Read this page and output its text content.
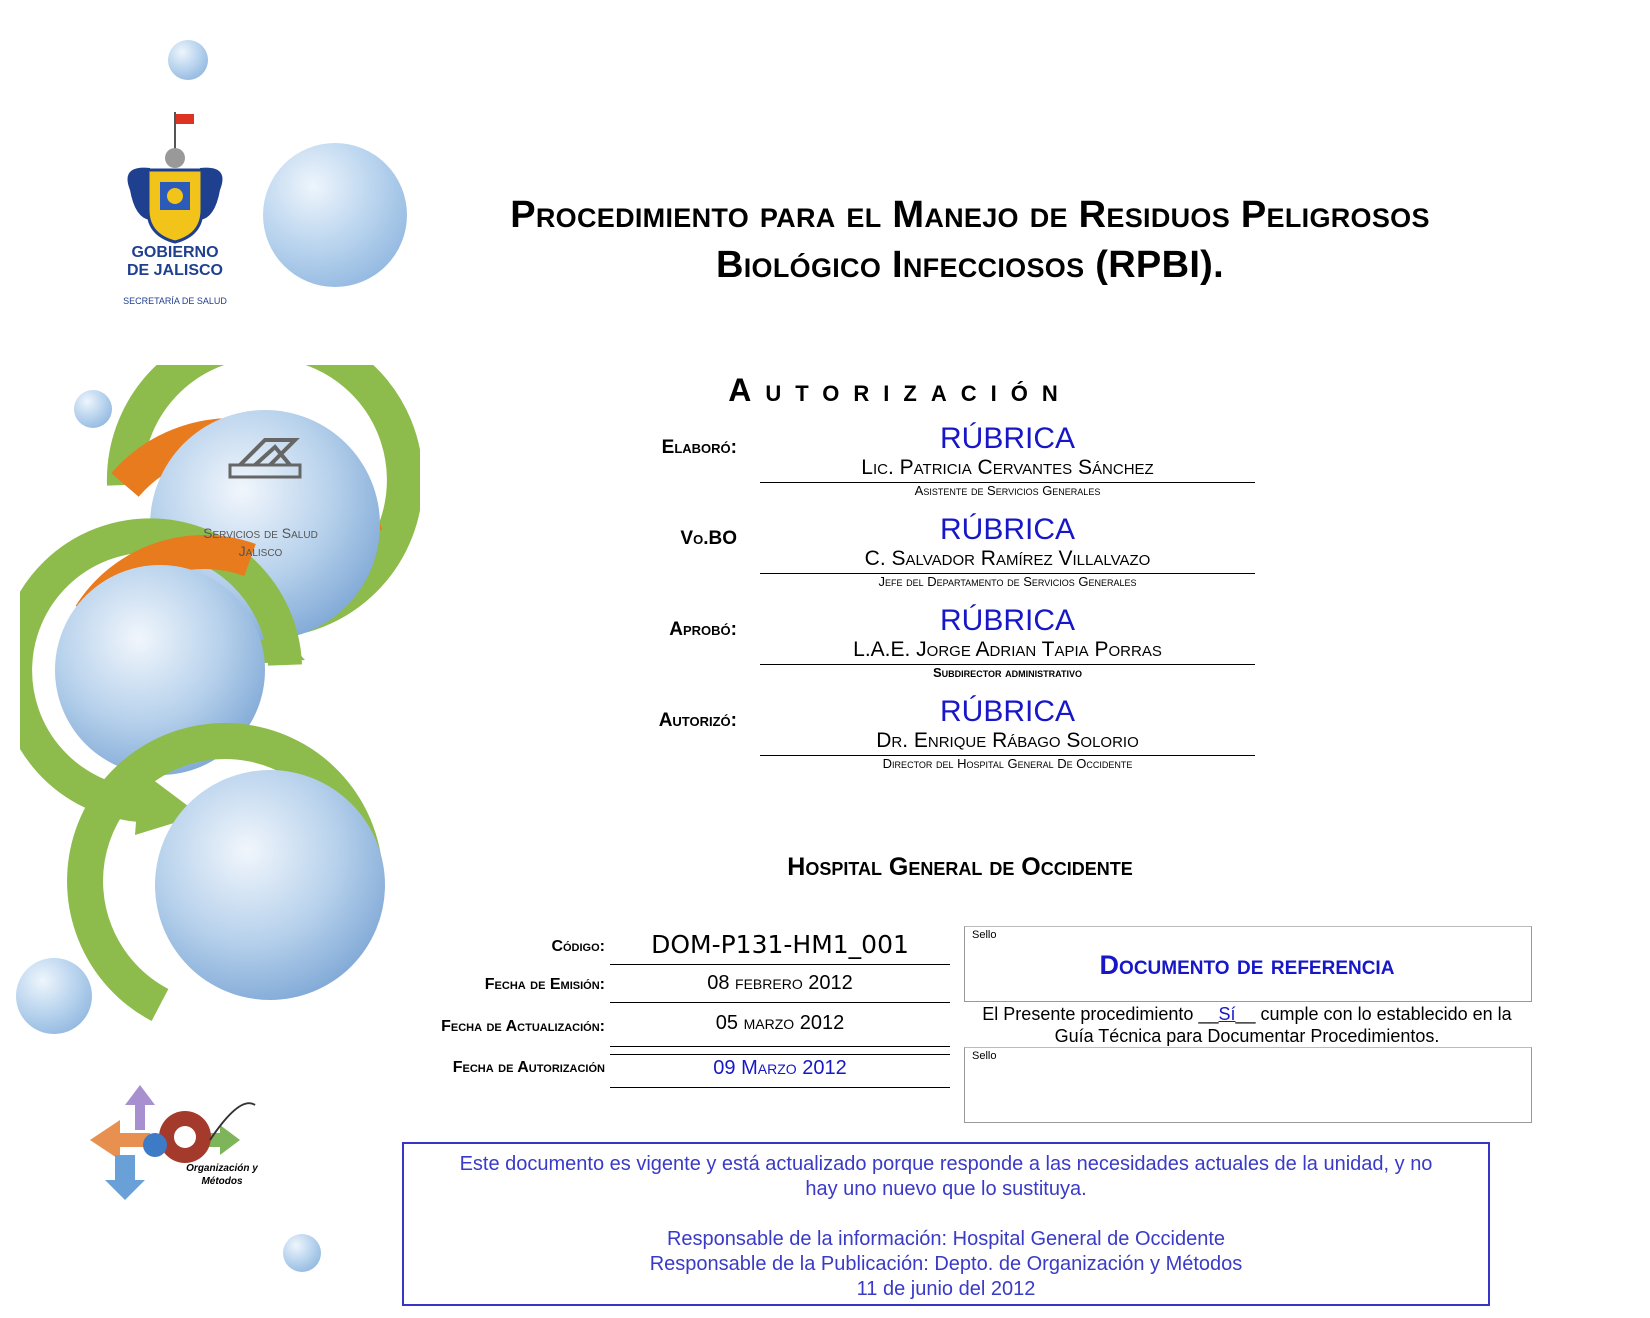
GOBIERNO
DE JALISCO
SECRETARÍA DE SALUD
Servicios de Salud
Jalisco
Organización y
Métodos
Procedimiento para el Manejo de Residuos Peligrosos
Biológico Infecciosos (RPBI).
Autorización
Elaboró:	RÚBRICA
Lic. Patricia Cervantes Sánchez
Asistente de Servicios Generales
Vo.BO	RÚBRICA
C. Salvador Ramírez Villalvazo
Jefe del Departamento de Servicios Generales
Aprobó:	RÚBRICA
L.A.E. Jorge Adrian Tapia Porras
Subdirector administrativo
Autorizó:	RÚBRICA
Dr. Enrique Rábago Solorio
Director del Hospital General De Occidente
Hospital General de Occidente
Código:	DOM-P131-HM1_001
Fecha de Emisión:	08 febrero 2012
Fecha de Actualización:	05 marzo 2012
Fecha de Autorización	09 Marzo 2012
Sello
Documento de referencia
El Presente procedimiento __Sí__ cumple con lo establecido en la
Guía Técnica para Documentar Procedimientos.
Sello
Este documento es vigente y está actualizado porque responde a las necesidades actuales de la unidad, y no
hay uno nuevo que lo sustituya.
Responsable de la información: Hospital General de Occidente
Responsable de la Publicación: Depto. de Organización y Métodos
11 de junio del 2012
